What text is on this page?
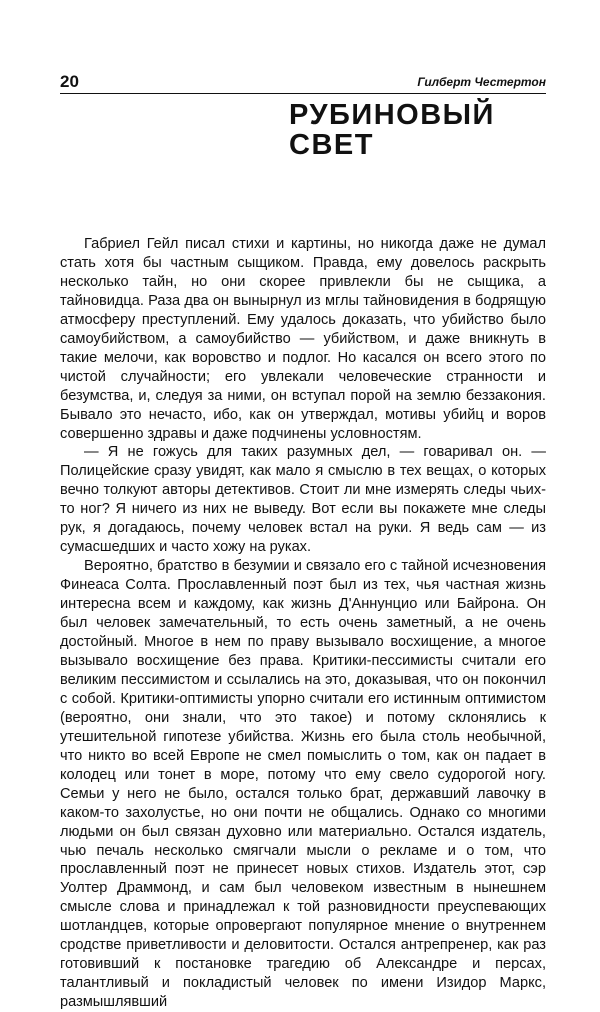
20	Гилберт Честертон
РУБИНОВЫЙ
СВЕТ

Габриел Гейл писал стихи и картины, но никогда даже не думал стать хотя бы частным сыщиком. Правда, ему довелось раскрыть несколько тайн, но они скорее привлекли бы не сыщика, а тайновидца. Раза два он вынырнул из мглы тайновидения в бодрящую атмосферу преступлений. Ему удалось доказать, что убийство было самоубийством, а самоубийство — убийством, и даже вникнуть в такие мелочи, как воровство и подлог. Но касался он всего этого по чистой случайности; его увлекали человеческие странности и безумства, и, следуя за ними, он вступал порой на землю беззакония. Бывало это нечасто, ибо, как он утверждал, мотивы убийц и воров совершенно здравы и даже подчинены условностям.

— Я не гожусь для таких разумных дел, — говаривал он. — Полицейские сразу увидят, как мало я смыслю в тех вещах, о которых вечно толкуют авторы детективов. Стоит ли мне измерять следы чьих-то ног? Я ничего из них не выведу. Вот если вы покажете мне следы рук, я догадаюсь, почему человек встал на руки. Я ведь сам — из сумасшедших и часто хожу на руках.

Вероятно, братство в безумии и связало его с тайной исчезновения Финеаса Солта. Прославленный поэт был из тех, чья частная жизнь интересна всем и каждому, как жизнь Д'Аннунцио или Байрона. Он был человек замечательный, то есть очень заметный, а не очень достойный. Многое в нем по праву вызывало восхищение, а многое вызывало восхищение без права. Критики-пессимисты считали его великим пессимистом и ссылались на это, доказывая, что он покончил с собой. Критики-оптимисты упорно считали его истинным оптимистом (вероятно, они знали, что это такое) и потому склонялись к утешительной гипотезе убийства. Жизнь его была столь необычной, что никто во всей Европе не смел помыслить о том, как он падает в колодец или тонет в море, потому что ему свело судорогой ногу. Семьи у него не было, остался только брат, державший лавочку в каком-то захолустье, но они почти не общались. Однако со многими людьми он был связан духовно или материально. Остался издатель, чью печаль несколько смягчали мысли о рекламе и о том, что прославленный поэт не принесет новых стихов. Издатель этот, сэр Уолтер Драммонд, и сам был человеком известным в нынешнем смысле слова и принадлежал к той разновидности преуспевающих шотландцев, которые опровергают популярное мнение о внутреннем сродстве приветливости и деловитости. Остался антрепренер, как раз готовивший к постановке трагедию об Александре и персах, талантливый и покладистый человек по имени Изидор Маркс, размышлявший
